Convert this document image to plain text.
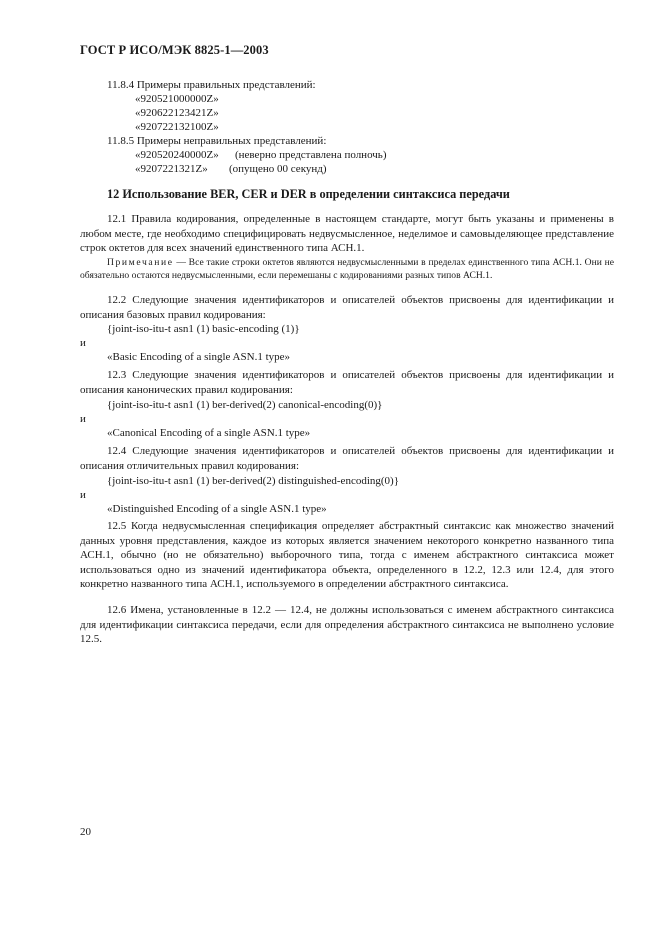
ГОСТ Р ИСО/МЭК 8825-1—2003
11.8.4 Примеры правильных представлений:
«920521000000Z»
«920622123421Z»
«920722132100Z»
11.8.5 Примеры неправильных представлений:
«920520240000Z» (неверно представлена полночь)
«9207221321Z» (опущено 00 секунд)
12 Использование BER, CER и DER в определении синтаксиса передачи

12.1 Правила кодирования, определенные в настоящем стандарте, могут быть указаны и применены в любом месте, где необходимо специфицировать недвусмысленное, неделимое и самовыделяющее представление строк октетов для всех значений единственного типа АСН.1.

Примечание — Все такие строки октетов являются недвусмысленными в пределах единственного типа АСН.1. Они не обязательно остаются недвусмысленными, если перемешаны с кодированиями разных типов АСН.1.

12.2 Следующие значения идентификаторов и описателей объектов присвоены для идентификации и описания базовых правил кодирования:

{joint-iso-itu-t asn1 (1) basic-encoding (1)}
и
«Basic Encoding of a single ASN.1 type»

12.3 Следующие значения идентификаторов и описателей объектов присвоены для идентификации и описания канонических правил кодирования:

{joint-iso-itu-t asn1 (1) ber-derived(2) canonical-encoding(0)}
и
«Canonical Encoding of a single ASN.1 type»

12.4 Следующие значения идентификаторов и описателей объектов присвоены для идентификации и описания отличительных правил кодирования:

{joint-iso-itu-t asn1 (1) ber-derived(2) distinguished-encoding(0)}
и
«Distinguished Encoding of a single ASN.1 type»

12.5 Когда недвусмысленная спецификация определяет абстрактный синтаксис как множество значений данных уровня представления, каждое из которых является значением некоторого конкретно названного типа АСН.1, обычно (но не обязательно) выборочного типа, тогда с именем абстрактного синтаксиса может использоваться одно из значений идентификатора объекта, определенного в 12.2, 12.3 или 12.4, для этого конкретно названного типа АСН.1, используемого в определении абстрактного синтаксиса.

12.6 Имена, установленные в 12.2 — 12.4, не должны использоваться с именем абстрактного синтаксиса для идентификации синтаксиса передачи, если для определения абстрактного синтаксиса не выполнено условие 12.5.

20
